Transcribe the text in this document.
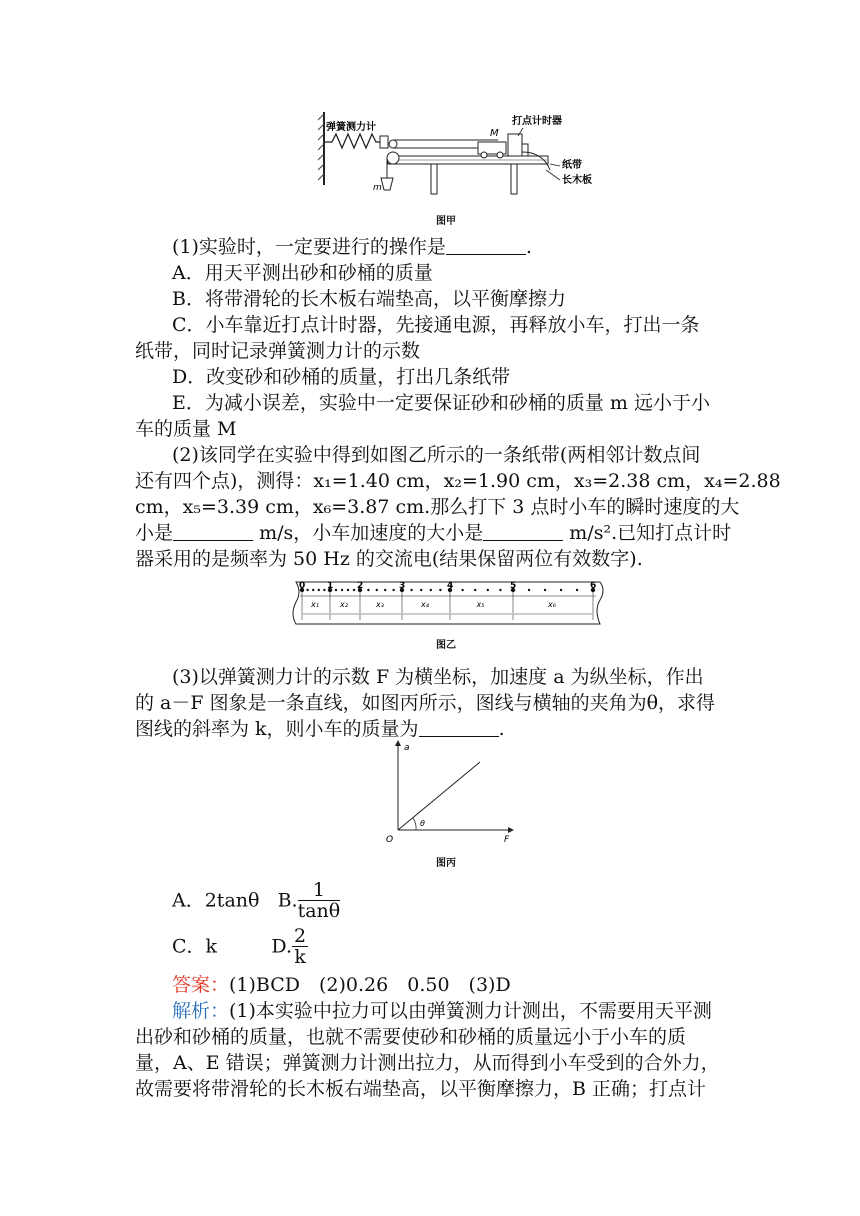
弹簧测力计
打点计时器
M
m
纸带
长木板
图甲
(1)实验时，一定要进行的操作是	.
A．用天平测出砂和砂桶的质量
B．将带滑轮的长木板右端垫高，以平衡摩擦力
C．小车靠近打点计时器，先接通电源，再释放小车，打出一条
纸带，同时记录弹簧测力计的示数
D．改变砂和砂桶的质量，打出几条纸带
E．为减小误差，实验中一定要保证砂和砂桶的质量 m 远小于小
车的质量 M
(2)该同学在实验中得到如图乙所示的一条纸带(两相邻计数点间
还有四个点)，测得：x₁=1.40 cm，x₂=1.90 cm，x₃=2.38 cm，x₄=2.88
cm，x₅=3.39 cm，x₆=3.87 cm.那么打下 3 点时小车的瞬时速度的大
小是	m/s，小车加速度的大小是	m/s².已知打点计时
器采用的是频率为 50 Hz 的交流电(结果保留两位有效数字).
0
x₁
1
x₂
2
x₃
3
x₄
4
x₅
5
x₆
6
图乙
(3)以弹簧测力计的示数 F 为横坐标，加速度 a 为纵坐标，作出
的 a－F 图象是一条直线，如图丙所示，图线与横轴的夹角为θ，求得
图线的斜率为 k，则小车的质量为	.
a
F
O
θ
图丙
A．2tanθ B. $\frac{1}{\tan\theta}$
C．k	D. $\frac{2}{k}$
答案：(1)BCD　(2)0.26　0.50　(3)D
解析：(1)本实验中拉力可以由弹簧测力计测出，不需要用天平测
出砂和砂桶的质量，也就不需要使砂和砂桶的质量远小于小车的质
量，A、E 错误；弹簧测力计测出拉力，从而得到小车受到的合外力，
故需要将带滑轮的长木板右端垫高，以平衡摩擦力，B 正确；打点计
